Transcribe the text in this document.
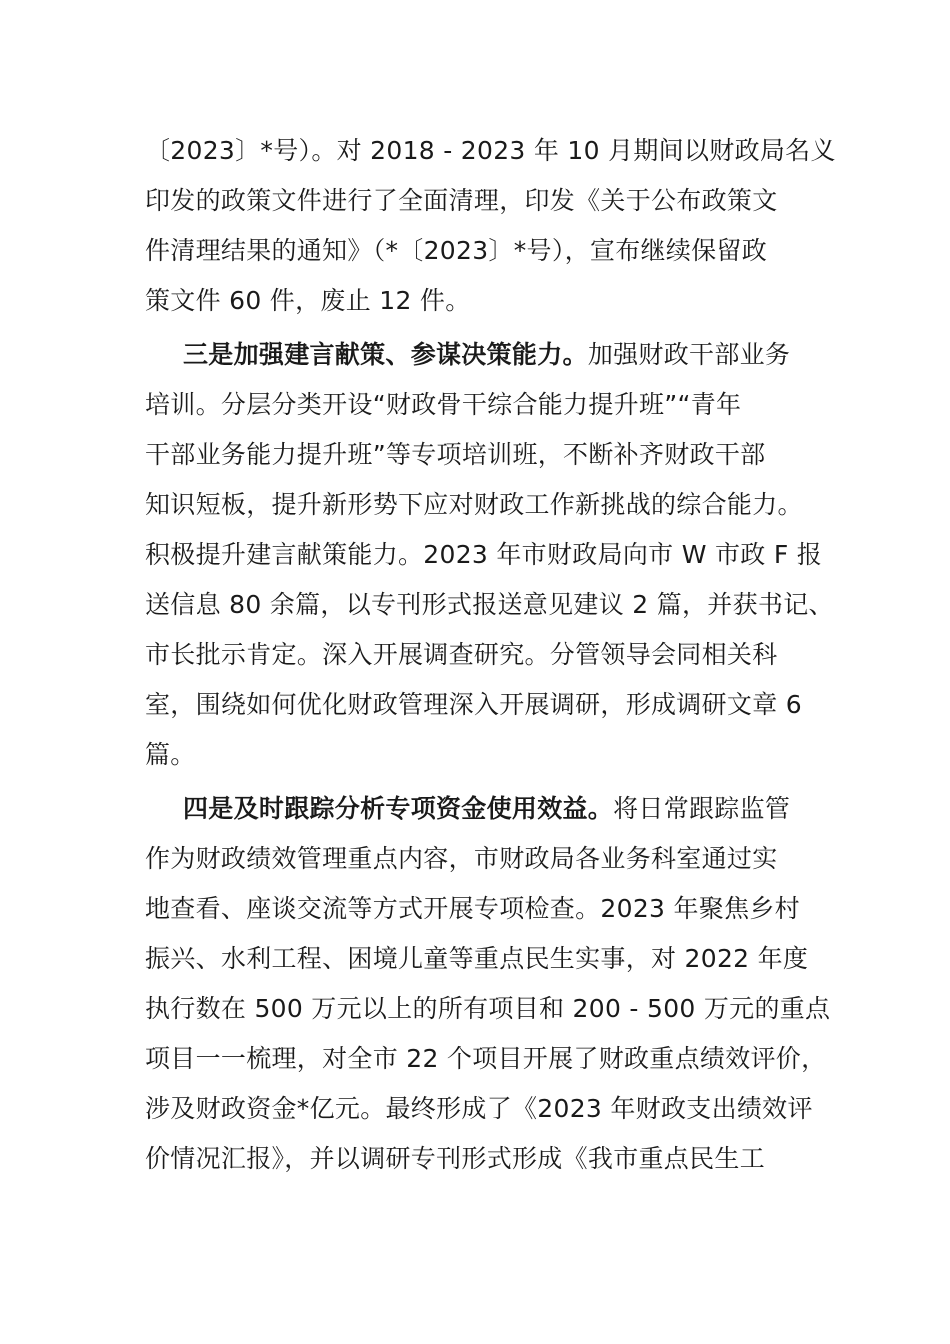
〔2023〕*号）。对 2018 - 2023 年 10 月期间以财政局名义
印发的政策文件进行了全面清理，印发《关于公布政策文
件清理结果的通知》（*〔2023〕*号），宣布继续保留政
策文件 60 件，废止 12 件。
三是加强建言献策、参谋决策能力。加强财政干部业务
培训。分层分类开设“财政骨干综合能力提升班”“青年
干部业务能力提升班”等专项培训班，不断补齐财政干部
知识短板，提升新形势下应对财政工作新挑战的综合能力。
积极提升建言献策能力。2023 年市财政局向市 W 市政 F 报
送信息 80 余篇，以专刊形式报送意见建议 2 篇，并获书记、
市长批示肯定。深入开展调查研究。分管领导会同相关科
室，围绕如何优化财政管理深入开展调研，形成调研文章 6
篇。
四是及时跟踪分析专项资金使用效益。将日常跟踪监管
作为财政绩效管理重点内容，市财政局各业务科室通过实
地查看、座谈交流等方式开展专项检查。2023 年聚焦乡村
振兴、水利工程、困境儿童等重点民生实事，对 2022 年度
执行数在 500 万元以上的所有项目和 200 - 500 万元的重点
项目一一梳理，对全市 22 个项目开展了财政重点绩效评价，
涉及财政资金*亿元。最终形成了《2023 年财政支出绩效评
价情况汇报》，并以调研专刊形式形成《我市重点民生工
